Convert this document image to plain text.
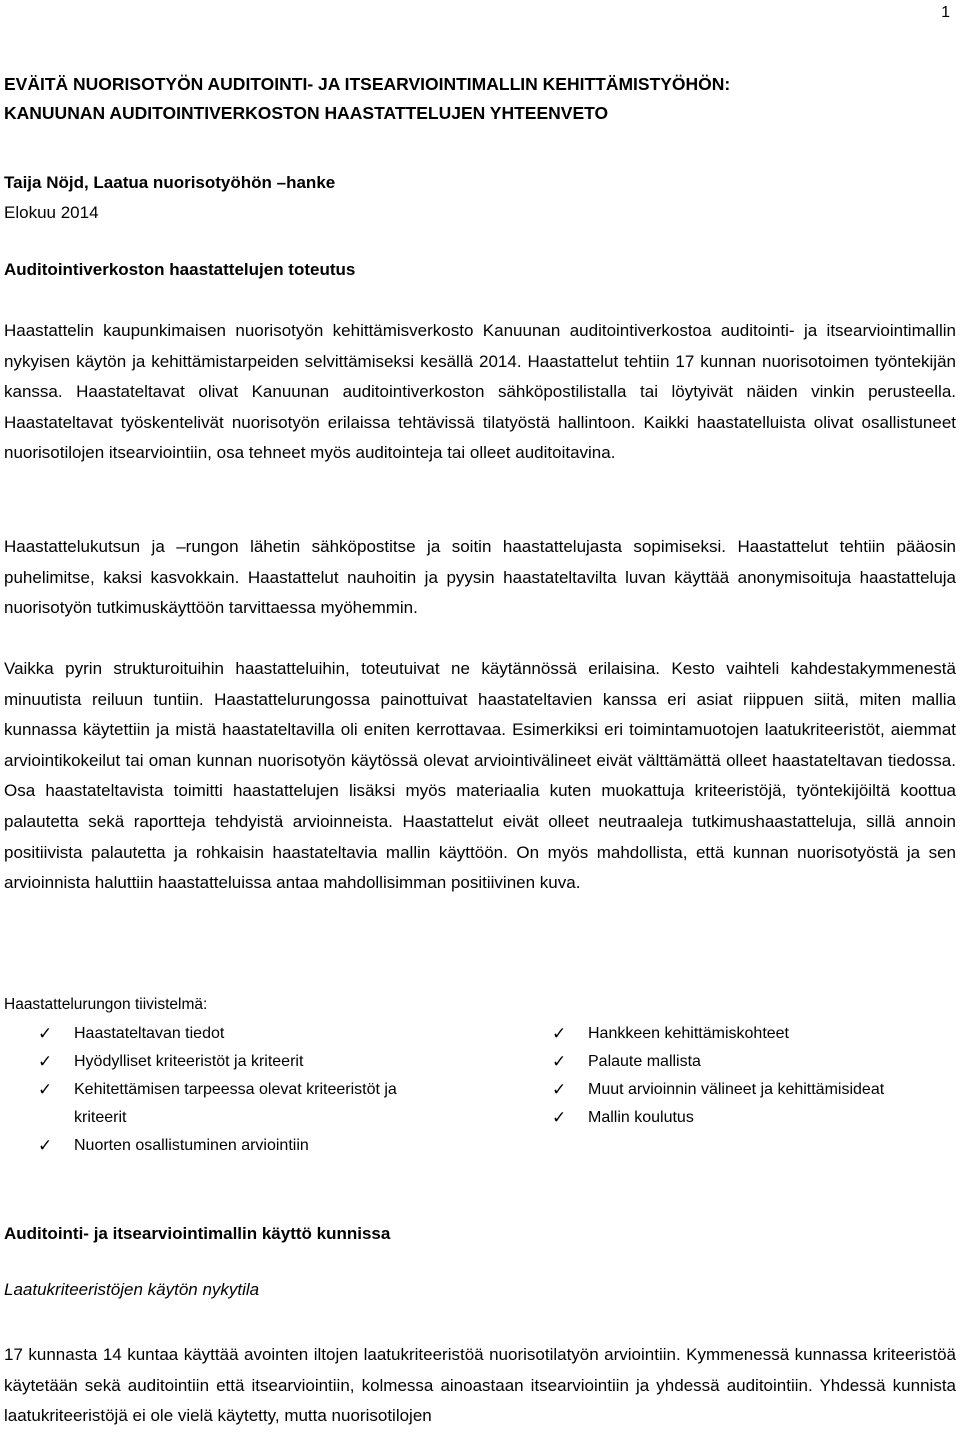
1
EVÄITÄ NUORISOTYÖN AUDITOINTI- JA ITSEARVIOINTIMALLIN KEHITTÄMISTYÖHÖN:
KANUUNAN AUDITOINTIVERKOSTON HAASTATTELUJEN YHTEENVETO
Taija Nöjd, Laatua nuorisotyöhön –hanke
Elokuu 2014
Auditointiverkoston haastattelujen toteutus
Haastattelin kaupunkimaisen nuorisotyön kehittämisverkosto Kanuunan auditointiverkostoa auditointi- ja itsearviointimallin nykyisen käytön ja kehittämistarpeiden selvittämiseksi kesällä 2014. Haastattelut tehtiin 17 kunnan nuorisotoimen työntekijän kanssa. Haastateltavat olivat Kanuunan auditointiverkoston sähköpostilistalla tai löytyivät näiden vinkin perusteella. Haastateltavat työskentelivät nuorisotyön erilaissa tehtävissä tilatyöstä hallintoon. Kaikki haastatelluista olivat osallistuneet nuorisotilojen itsearviointiin, osa tehneet myös auditointeja tai olleet auditoitavina.
Haastattelukutsun ja –rungon lähetin sähköpostitse ja soitin haastattelujasta sopimiseksi. Haastattelut tehtiin pääosin puhelimitse, kaksi kasvokkain. Haastattelut nauhoitin ja pyysin haastateltavilta luvan käyttää anonymisoituja haastatteluja nuorisotyön tutkimuskäyttöön tarvittaessa myöhemmin.
Vaikka pyrin strukturoituihin haastatteluihin, toteutuivat ne käytännössä erilaisina. Kesto vaihteli kahdestakymmenestä minuutista reiluun tuntiin. Haastattelurungossa painottuivat haastateltavien kanssa eri asiat riippuen siitä, miten mallia kunnassa käytettiin ja mistä haastateltavilla oli eniten kerrottavaa. Esimerkiksi eri toimintamuotojen laatukriteeristöt, aiemmat arviointikokeilut tai oman kunnan nuorisotyön käytössä olevat arviointivälineet eivät välttämättä olleet haastateltavan tiedossa. Osa haastateltavista toimitti haastattelujen lisäksi myös materiaalia kuten muokattuja kriteeristöjä, työntekijöiltä koottua palautetta sekä raportteja tehdyistä arvioinneista. Haastattelut eivät olleet neutraaleja tutkimushaastatteluja, sillä annoin positiivista palautetta ja rohkaisin haastateltavia mallin käyttöön. On myös mahdollista, että kunnan nuorisotyöstä ja sen arvioinnista haluttiin haastatteluissa antaa mahdollisimman positiivinen kuva.
Haastattelurungon tiivistelmä:
✓ Haastateltavan tiedot
✓ Hyödylliset kriteeristöt ja kriteerit
✓ Kehitettämisen tarpeessa olevat kriteeristöt ja kriteerit
✓ Nuorten osallistuminen arviointiin
✓ Hankkeen kehittämiskohteet
✓ Palaute mallista
✓ Muut arvioinnin välineet ja kehittämisideat
✓ Mallin koulutus
Auditointi- ja itsearviointimallin käyttö kunnissa
Laatukriteeristöjen käytön nykytila
17 kunnasta 14 kuntaa käyttää avointen iltojen laatukriteeristöä nuorisotilatyön arviointiin. Kymmenessä kunnassa kriteeristöä käytetään sekä auditointiin että itsearviointiin, kolmessa ainoastaan itsearviointiin ja yhdessä auditointiin. Yhdessä kunnista laatukriteeristöjä ei ole vielä käytetty, mutta nuorisotilojen
